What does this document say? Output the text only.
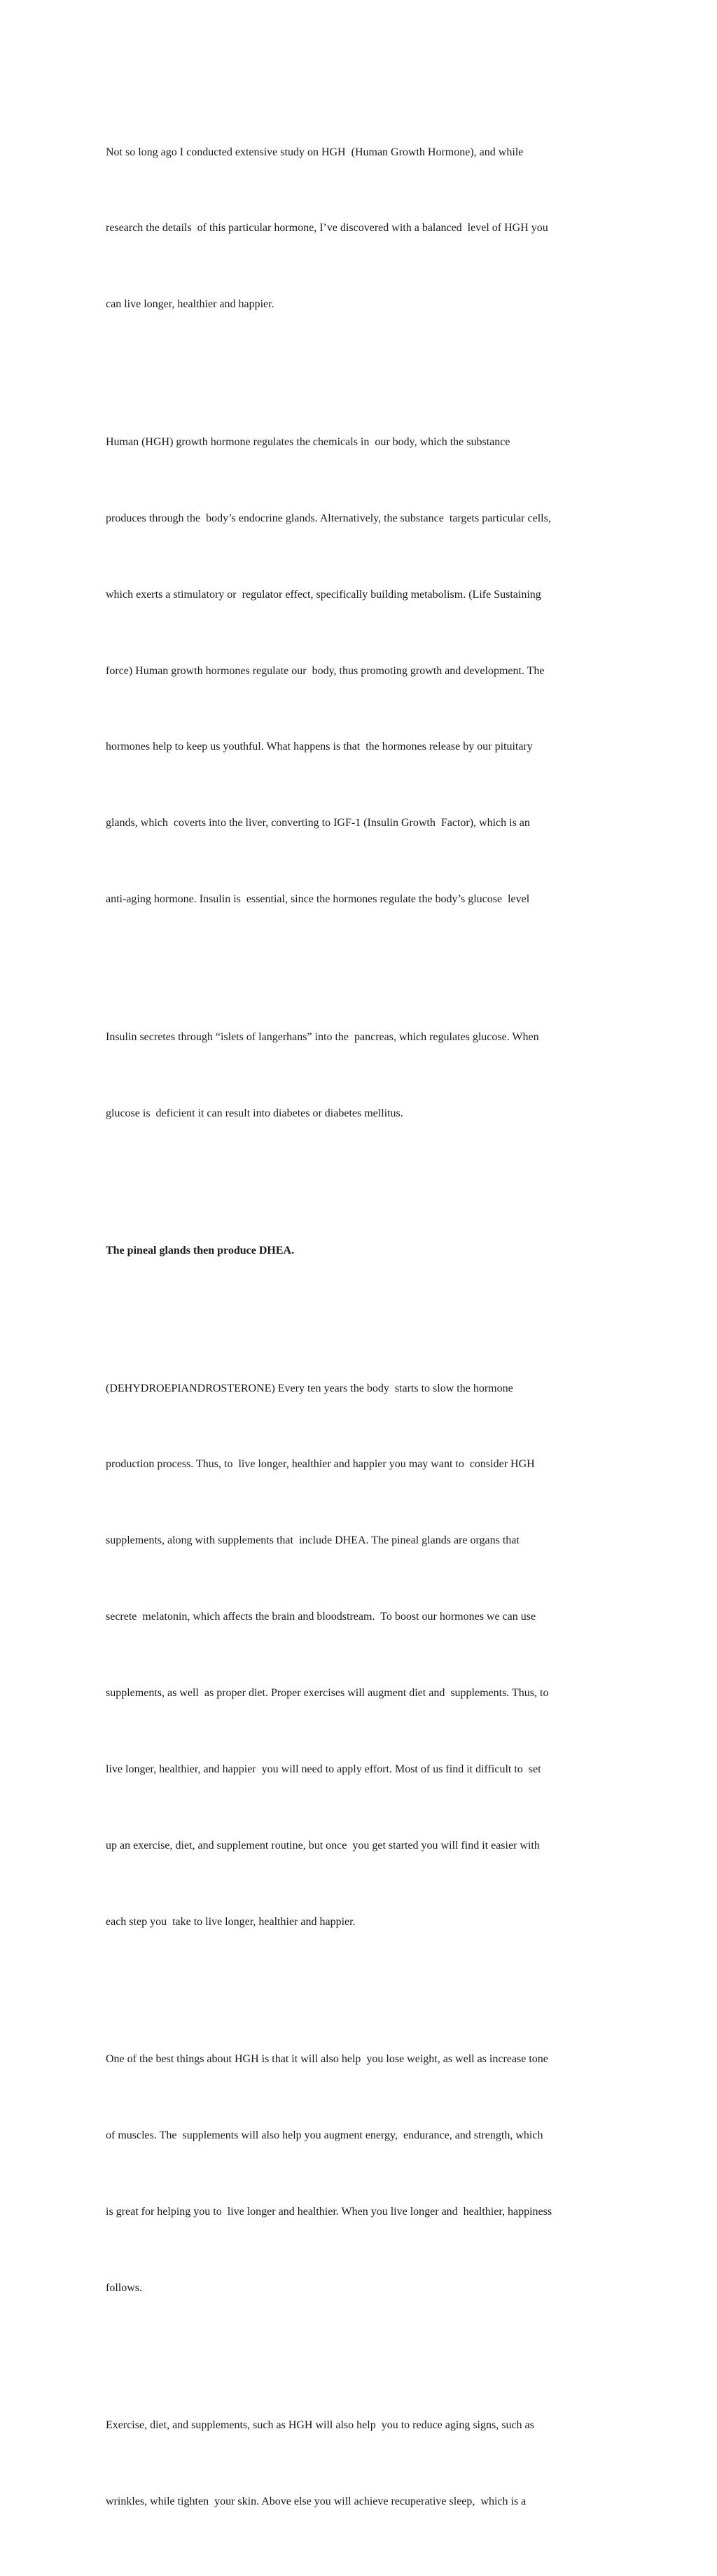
Not so long ago I conducted extensive study on HGH  (Human Growth Hormone), and while

research the details  of this particular hormone, I’ve discovered with a balanced  level of HGH you

can live longer, healthier and happier.

Human (HGH) growth hormone regulates the chemicals in  our body, which the substance

produces through the  body’s endocrine glands. Alternatively, the substance  targets particular cells,

which exerts a stimulatory or  regulator effect, specifically building metabolism. (Life Sustaining

force) Human growth hormones regulate our  body, thus promoting growth and development. The

hormones help to keep us youthful. What happens is that  the hormones release by our pituitary

glands, which  coverts into the liver, converting to IGF-1 (Insulin Growth  Factor), which is an

anti-aging hormone. Insulin is  essential, since the hormones regulate the body’s glucose  level

Insulin secretes through “islets of langerhans” into the  pancreas, which regulates glucose. When

glucose is  deficient it can result into diabetes or diabetes mellitus.

The pineal glands then produce DHEA.

(DEHYDROEPIANDROSTERONE) Every ten years the body  starts to slow the hormone

production process. Thus, to  live longer, healthier and happier you may want to  consider HGH

supplements, along with supplements that  include DHEA. The pineal glands are organs that

secrete  melatonin, which affects the brain and bloodstream.  To boost our hormones we can use

supplements, as well  as proper diet. Proper exercises will augment diet and  supplements. Thus, to

live longer, healthier, and happier  you will need to apply effort. Most of us find it difficult to  set

up an exercise, diet, and supplement routine, but once  you get started you will find it easier with

each step you  take to live longer, healthier and happier.

One of the best things about HGH is that it will also help  you lose weight, as well as increase tone

of muscles. The  supplements will also help you augment energy,  endurance, and strength, which

is great for helping you to  live longer and healthier. When you live longer and  healthier, happiness

follows.

Exercise, diet, and supplements, such as HGH will also help  you to reduce aging signs, such as

wrinkles, while tighten  your skin. Above else you will achieve recuperative sleep,  which is a
